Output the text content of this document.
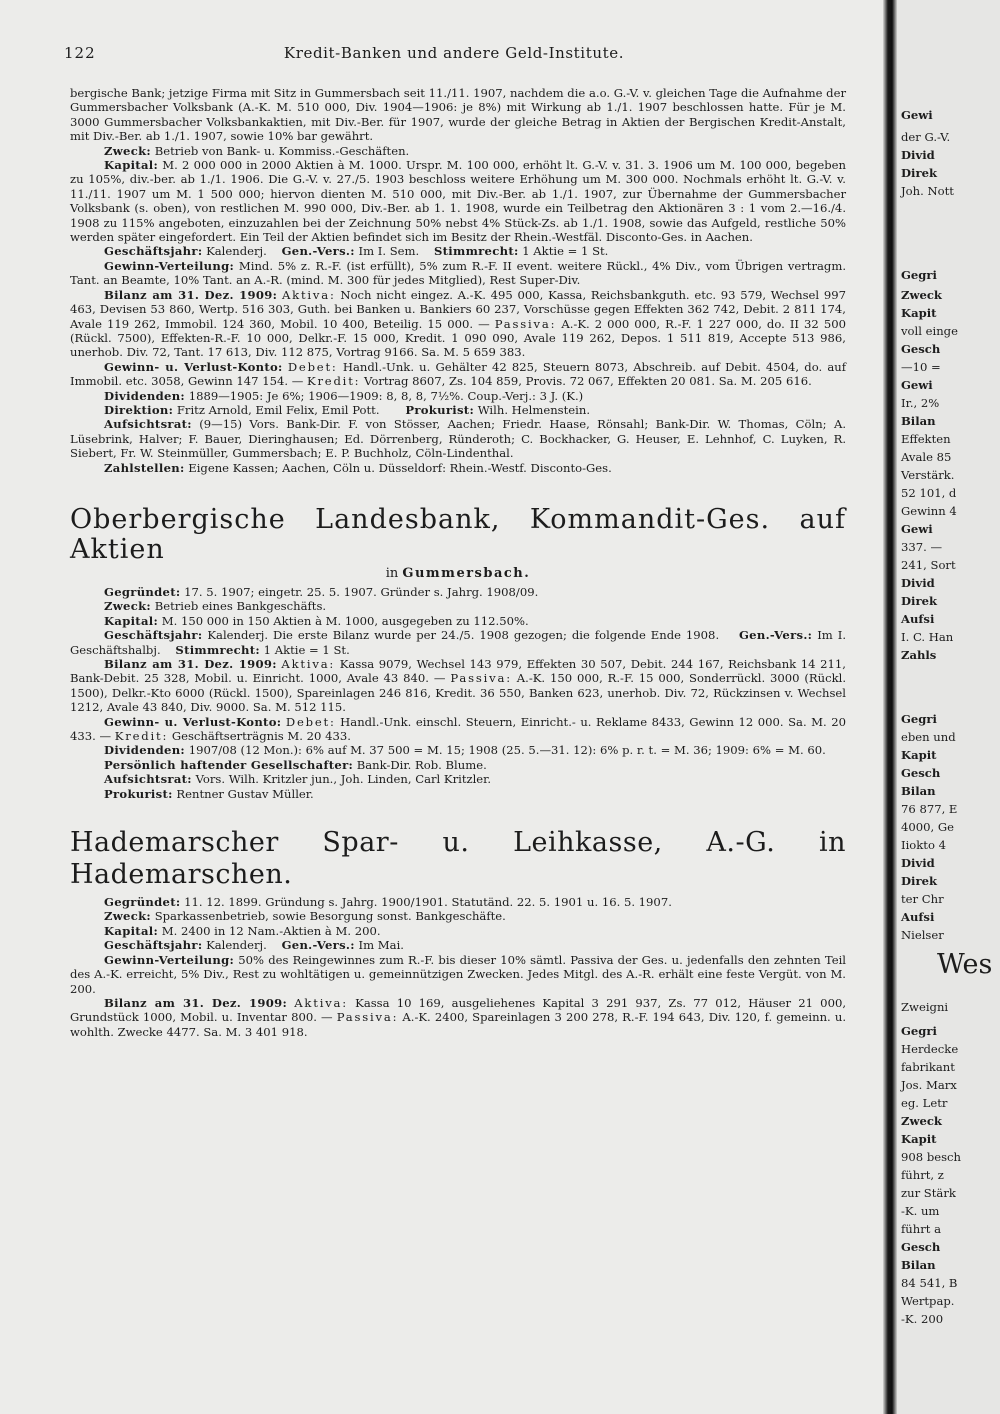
122	Kredit-Banken und andere Geld-Institute.

bergische Bank; jetzige Firma mit Sitz in Gummersbach seit 11./11. 1907, nachdem die a.o. G.-V. v. gleichen Tage die Aufnahme der Gummersbacher Volksbank (A.-K. M. 510 000, Div. 1904—1906: je 8%) mit Wirkung ab 1./1. 1907 beschlossen hatte. Für je M. 3000 Gummersbacher Volksbankaktien, mit Div.-Ber. für 1907, wurde der gleiche Betrag in Aktien der Bergischen Kredit-Anstalt, mit Div.-Ber. ab 1./1. 1907, sowie 10% bar gewährt.

Zweck: Betrieb von Bank- u. Kommiss.-Geschäften.

Kapital: M. 2 000 000 in 2000 Aktien à M. 1000. Urspr. M. 100 000, erhöht lt. G.-V. v. 31. 3. 1906 um M. 100 000, begeben zu 105%, div.-ber. ab 1./1. 1906. Die G.-V. v. 27./5. 1903 beschloss weitere Erhöhung um M. 300 000. Nochmals erhöht lt. G.-V. v. 11./11. 1907 um M. 1 500 000; hiervon dienten M. 510 000, mit Div.-Ber. ab 1./1. 1907, zur Übernahme der Gummersbacher Volksbank (s. oben), von restlichen M. 990 000, Div.-Ber. ab 1. 1. 1908, wurde ein Teilbetrag den Aktionären 3 : 1 vom 2.—16./4. 1908 zu 115% angeboten, einzuzahlen bei der Zeichnung 50% nebst 4% Stück-Zs. ab 1./1. 1908, sowie das Aufgeld, restliche 50% werden später eingefordert. Ein Teil der Aktien befindet sich im Besitz der Rhein.-Westfäl. Disconto-Ges. in Aachen.

Geschäftsjahr: Kalenderj. Gen.-Vers.: Im I. Sem. Stimmrecht: 1 Aktie = 1 St.

Gewinn-Verteilung: Mind. 5% z. R.-F. (ist erfüllt), 5% zum R.-F. II event. weitere Rückl., 4% Div., vom Übrigen vertragm. Tant. an Beamte, 10% Tant. an A.-R. (mind. M. 300 für jedes Mitglied), Rest Super-Div.

Bilanz am 31. Dez. 1909: Aktiva: Noch nicht eingez. A.-K. 495 000, Kassa, Reichsbankguth. etc. 93 579, Wechsel 997 463, Devisen 53 860, Wertp. 516 303, Guth. bei Banken u. Bankiers 60 237, Vorschüsse gegen Effekten 362 742, Debit. 2 811 174, Avale 119 262, Immobil. 124 360, Mobil. 10 400, Beteilig. 15 000. — Passiva: A.-K. 2 000 000, R.-F. 1 227 000, do. II 32 500 (Rückl. 7500), Effekten-R.-F. 10 000, Delkr.-F. 15 000, Kredit. 1 090 090, Avale 119 262, Depos. 1 511 819, Accepte 513 986, unerhob. Div. 72, Tant. 17 613, Div. 112 875, Vortrag 9166. Sa. M. 5 659 383.

Gewinn- u. Verlust-Konto: Debet: Handl.-Unk. u. Gehälter 42 825, Steuern 8073, Abschreib. auf Debit. 4504, do. auf Immobil. etc. 3058, Gewinn 147 154. — Kredit: Vortrag 8607, Zs. 104 859, Provis. 72 067, Effekten 20 081. Sa. M. 205 616.

Dividenden: 1889—1905: Je 6%; 1906—1909: 8, 8, 8, 7½%. Coup.-Verj.: 3 J. (K.)

Direktion: Fritz Arnold, Emil Felix, Emil Pott. Prokurist: Wilh. Helmenstein.

Aufsichtsrat: (9—15) Vors. Bank-Dir. F. von Stösser, Aachen; Friedr. Haase, Rönsahl; Bank-Dir. W. Thomas, Cöln; A. Lüsebrink, Halver; F. Bauer, Dieringhausen; Ed. Dörrenberg, Ründeroth; C. Bockhacker, G. Heuser, E. Lehnhof, C. Luyken, R. Siebert, Fr. W. Steinmüller, Gummersbach; E. P. Buchholz, Cöln-Lindenthal.

Zahlstellen: Eigene Kassen; Aachen, Cöln u. Düsseldorf: Rhein.-Westf. Disconto-Ges.

Oberbergische Landesbank, Kommandit-Ges. auf Aktien
in Gummersbach.

Gegründet: 17. 5. 1907; eingetr. 25. 5. 1907. Gründer s. Jahrg. 1908/09.

Zweck: Betrieb eines Bankgeschäfts.

Kapital: M. 150 000 in 150 Aktien à M. 1000, ausgegeben zu 112.50%.

Geschäftsjahr: Kalenderj. Die erste Bilanz wurde per 24./5. 1908 gezogen; die folgende Ende 1908. Gen.-Vers.: Im I. Geschäftshalbj. Stimmrecht: 1 Aktie = 1 St.

Bilanz am 31. Dez. 1909: Aktiva: Kassa 9079, Wechsel 143 979, Effekten 30 507, Debit. 244 167, Reichsbank 14 211, Bank-Debit. 25 328, Mobil. u. Einricht. 1000, Avale 43 840. — Passiva: A.-K. 150 000, R.-F. 15 000, Sonderrückl. 3000 (Rückl. 1500), Delkr.-Kto 6000 (Rückl. 1500), Spareinlagen 246 816, Kredit. 36 550, Banken 623, unerhob. Div. 72, Rückzinsen v. Wechsel 1212, Avale 43 840, Div. 9000. Sa. M. 512 115.

Gewinn- u. Verlust-Konto: Debet: Handl.-Unk. einschl. Steuern, Einricht.- u. Reklame 8433, Gewinn 12 000. Sa. M. 20 433. — Kredit: Geschäftserträgnis M. 20 433.

Dividenden: 1907/08 (12 Mon.): 6% auf M. 37 500 = M. 15; 1908 (25. 5.—31. 12): 6% p. r. t. = M. 36; 1909: 6% = M. 60.

Persönlich haftender Gesellschafter: Bank-Dir. Rob. Blume.

Aufsichtsrat: Vors. Wilh. Kritzler jun., Joh. Linden, Carl Kritzler.

Prokurist: Rentner Gustav Müller.

Hademarscher Spar- u. Leihkasse, A.-G. in Hademarschen.

Gegründet: 11. 12. 1899. Gründung s. Jahrg. 1900/1901. Statutänd. 22. 5. 1901 u. 16. 5. 1907.

Zweck: Sparkassenbetrieb, sowie Besorgung sonst. Bankgeschäfte.

Kapital: M. 2400 in 12 Nam.-Aktien à M. 200.

Geschäftsjahr: Kalenderj. Gen.-Vers.: Im Mai.

Gewinn-Verteilung: 50% des Reingewinnes zum R.-F. bis dieser 10% sämtl. Passiva der Ges. u. jedenfalls den zehnten Teil des A.-K. erreicht, 5% Div., Rest zu wohltätigen u. gemeinnützigen Zwecken. Jedes Mitgl. des A.-R. erhält eine feste Vergüt. von M. 200.

Bilanz am 31. Dez. 1909: Aktiva: Kassa 10 169, ausgeliehenes Kapital 3 291 937, Zs. 77 012, Häuser 21 000, Grundstück 1000, Mobil. u. Inventar 800. — Passiva: A.-K. 2400, Spareinlagen 3 200 278, R.-F. 194 643, Div. 120, f. gemeinn. u. wohlth. Zwecke 4477. Sa. M. 3 401 918.

Wes
Gewi
der G.-V.
Divid
Direk
Joh. Nott
Gegri
Zweck
Kapit
voll einge
Gesch
—10 =
Gewi
Ir., 2%
Bilan
Effekten
Avale 85
Verstärk.
52 101, d
Gewinn 4
Gewi
337. —
241, Sort
Divid
Direk
Aufsi
I. C. Han
Zahls
Gegri
eben und
Kapit
Gesch
Bilan
76 877, E
4000, Ge
Iiokto 4
Divid
Direk
ter Chr
Aufsi
Nielser
Zweigni
Gegri
Herdecke
fabrikant
Jos. Marx
eg. Letr
Zweck
Kapit
908 besch
führt, z
zur Stärk
-K. um
führt a
Gesch
Bilan
84 541, B
Wertpap.
-K. 200
